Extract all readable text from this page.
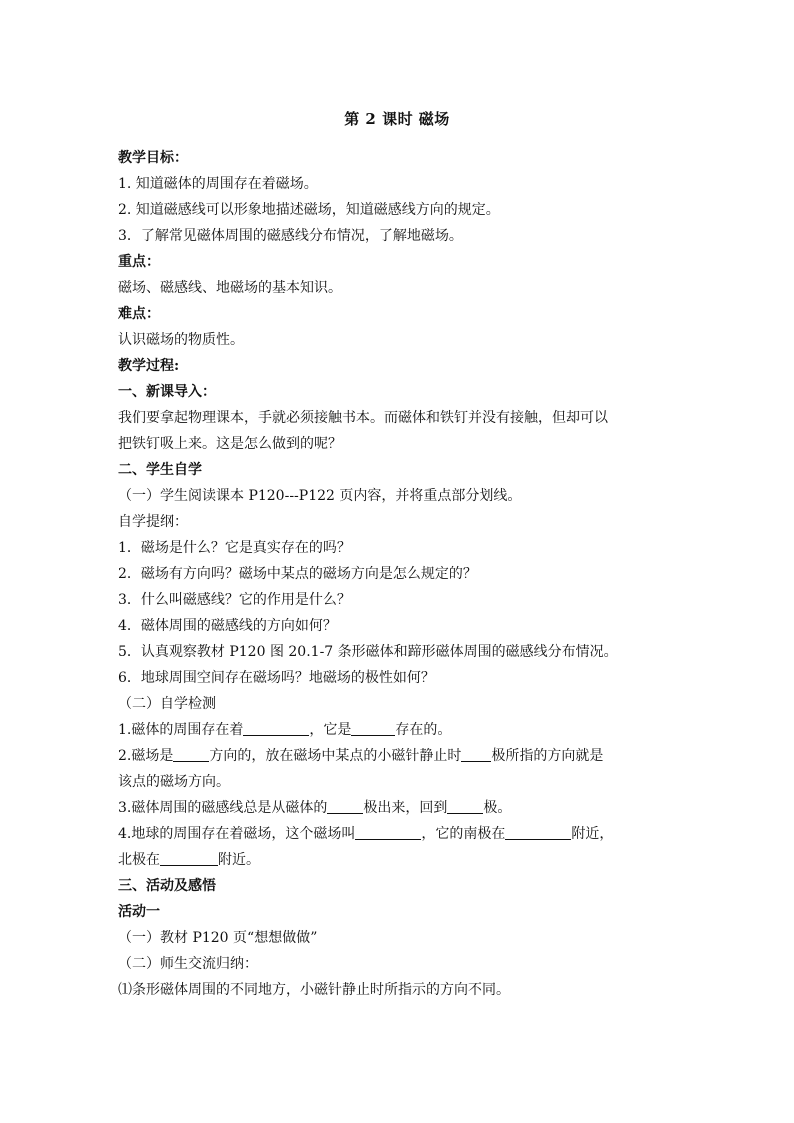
第 2 课时 磁场

教学目标：

1. 知道磁体的周围存在着磁场。

2. 知道磁感线可以形象地描述磁场，知道磁感线方向的规定。

3．了解常见磁体周围的磁感线分布情况，了解地磁场。

重点：

磁场、磁感线、地磁场的基本知识。

难点：

认识磁场的物质性。

教学过程:

一、新课导入：

我们要拿起物理课本，手就必须接触书本。而磁体和铁钉并没有接触，但却可以

把铁钉吸上来。这是怎么做到的呢？

二、学生自学

（一）学生阅读课本 P120---P122 页内容，并将重点部分划线。

自学提纲：

1．磁场是什么？它是真实存在的吗？

2．磁场有方向吗？磁场中某点的磁场方向是怎么规定的？

3．什么叫磁感线？它的作用是什么？

4．磁体周围的磁感线的方向如何？

5．认真观察教材 P120 图 20.1-7 条形磁体和蹄形磁体周围的磁感线分布情况。

6．地球周围空间存在磁场吗？地磁场的极性如何？

（二）自学检测

1.磁体的周围存在着	，它是	存在的。

2.磁场是	方向的，放在磁场中某点的小磁针静止时 极所指的方向就是

该点的磁场方向。

3.磁体周围的磁感线总是从磁体的	极出来，回到	极。

4.地球的周围存在着磁场，这个磁场叫	，它的南极在	附近，

北极在	附近。

三、活动及感悟

活动一

（一）教材 P120 页“想想做做”

（二）师生交流归纳：

⑴条形磁体周围的不同地方，小磁针静止时所指示的方向不同。
